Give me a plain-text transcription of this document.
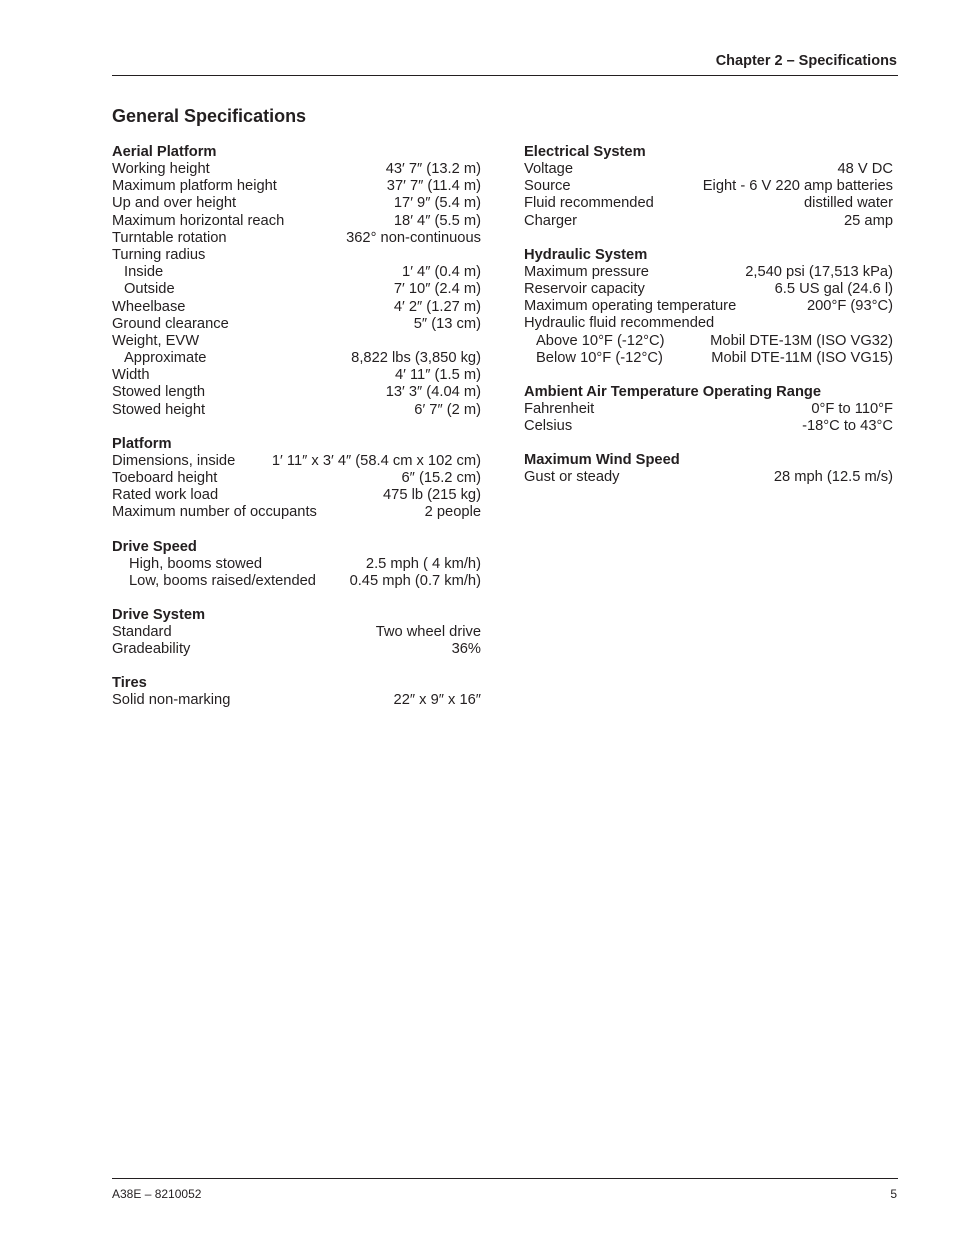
Chapter 2 – Specifications
General Specifications
Aerial Platform
Working height	43′ 7″ (13.2 m)
Maximum platform height	37′ 7″ (11.4 m)
Up and over height	17′ 9″ (5.4 m)
Maximum horizontal reach	18′ 4″ (5.5 m)
Turntable rotation	362° non-continuous
Turning radius
Inside	1′ 4″ (0.4 m)
Outside	7′ 10″ (2.4 m)
Wheelbase	4′ 2″ (1.27 m)
Ground clearance	5″ (13 cm)
Weight, EVW
Approximate	8,822 lbs (3,850 kg)
Width	4′ 11″ (1.5 m)
Stowed length	13′ 3″ (4.04 m)
Stowed height	6′ 7″ (2 m)
Platform
Dimensions, inside 1′ 11″ x 3′ 4″ (58.4 cm x 102 cm)
Toeboard height	6″ (15.2 cm)
Rated work load	475 lb (215 kg)
Maximum number of occupants	2 people
Drive Speed
High, booms stowed	2.5 mph ( 4 km/h)
Low, booms raised/extended 0.45 mph (0.7 km/h)
Drive System
Standard	Two wheel drive
Gradeability	36%
Tires
Solid non-marking	22″ x 9″ x 16″
Electrical System
Voltage	48 V DC
Source	Eight - 6 V 220 amp batteries
Fluid recommended	distilled water
Charger	25 amp
Hydraulic System
Maximum pressure	2,540 psi (17,513 kPa)
Reservoir capacity	6.5 US gal (24.6 l)
Maximum operating temperature	200°F (93°C)
Hydraulic fluid recommended
Above 10°F (-12°C)	Mobil DTE-13M (ISO VG32)
Below 10°F (-12°C)	Mobil DTE-11M (ISO VG15)
Ambient Air Temperature Operating Range
Fahrenheit	0°F to 110°F
Celsius	-18°C to 43°C
Maximum Wind Speed
Gust or steady	28 mph (12.5 m/s)
A38E – 8210052	5
